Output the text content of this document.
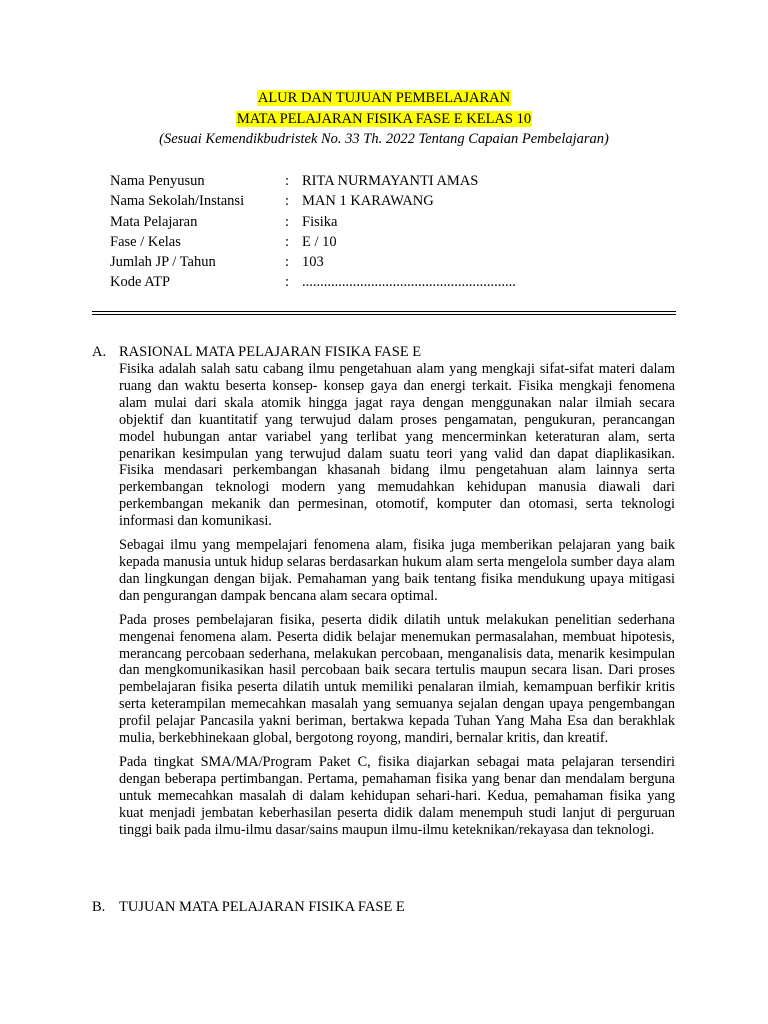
ALUR DAN TUJUAN PEMBELAJARAN
MATA PELAJARAN FISIKA FASE E KELAS 10
(Sesuai Kemendikbudristek No. 33 Th. 2022 Tentang Capaian Pembelajaran)
Nama Penyusun	: RITA NURMAYANTI AMAS
Nama Sekolah/Instansi	: MAN 1 KARAWANG
Mata Pelajaran	: Fisika
Fase / Kelas	: E / 10
Jumlah JP / Tahun	: 103
Kode ATP	: ...........................................................
A. RASIONAL MATA PELAJARAN FISIKA FASE E

Fisika adalah salah satu cabang ilmu pengetahuan alam yang mengkaji sifat-sifat materi dalam ruang dan waktu beserta konsep- konsep gaya dan energi terkait. Fisika mengkaji fenomena alam mulai dari skala atomik hingga jagat raya dengan menggunakan nalar ilmiah secara objektif dan kuantitatif yang terwujud dalam proses pengamatan, pengukuran, perancangan model hubungan antar variabel yang terlibat yang mencerminkan keteraturan alam, serta penarikan kesimpulan yang terwujud dalam suatu teori yang valid dan dapat diaplikasikan. Fisika mendasari perkembangan khasanah bidang ilmu pengetahuan alam lainnya serta perkembangan teknologi modern yang memudahkan kehidupan manusia diawali dari perkembangan mekanik dan permesinan, otomotif, komputer dan otomasi, serta teknologi informasi dan komunikasi.

Sebagai ilmu yang mempelajari fenomena alam, fisika juga memberikan pelajaran yang baik kepada manusia untuk hidup selaras berdasarkan hukum alam serta mengelola sumber daya alam dan lingkungan dengan bijak. Pemahaman yang baik tentang fisika mendukung upaya mitigasi dan pengurangan dampak bencana alam secara optimal.

Pada proses pembelajaran fisika, peserta didik dilatih untuk melakukan penelitian sederhana mengenai fenomena alam. Peserta didik belajar menemukan permasalahan, membuat hipotesis, merancang percobaan sederhana, melakukan percobaan, menganalisis data, menarik kesimpulan dan mengkomunikasikan hasil percobaan baik secara tertulis maupun secara lisan. Dari proses pembelajaran fisika peserta dilatih untuk memiliki penalaran ilmiah, kemampuan berfikir kritis serta keterampilan memecahkan masalah yang semuanya sejalan dengan upaya pengembangan profil pelajar Pancasila yakni beriman, bertakwa kepada Tuhan Yang Maha Esa dan berakhlak mulia, berkebhinekaan global, bergotong royong, mandiri, bernalar kritis, dan kreatif.

Pada tingkat SMA/MA/Program Paket C, fisika diajarkan sebagai mata pelajaran tersendiri dengan beberapa pertimbangan. Pertama, pemahaman fisika yang benar dan mendalam berguna untuk memecahkan masalah di dalam kehidupan sehari-hari. Kedua, pemahaman fisika yang kuat menjadi jembatan keberhasilan peserta didik dalam menempuh studi lanjut di perguruan tinggi baik pada ilmu-ilmu dasar/sains maupun ilmu-ilmu keteknikan/rekayasa dan teknologi.

B. TUJUAN MATA PELAJARAN FISIKA FASE E
